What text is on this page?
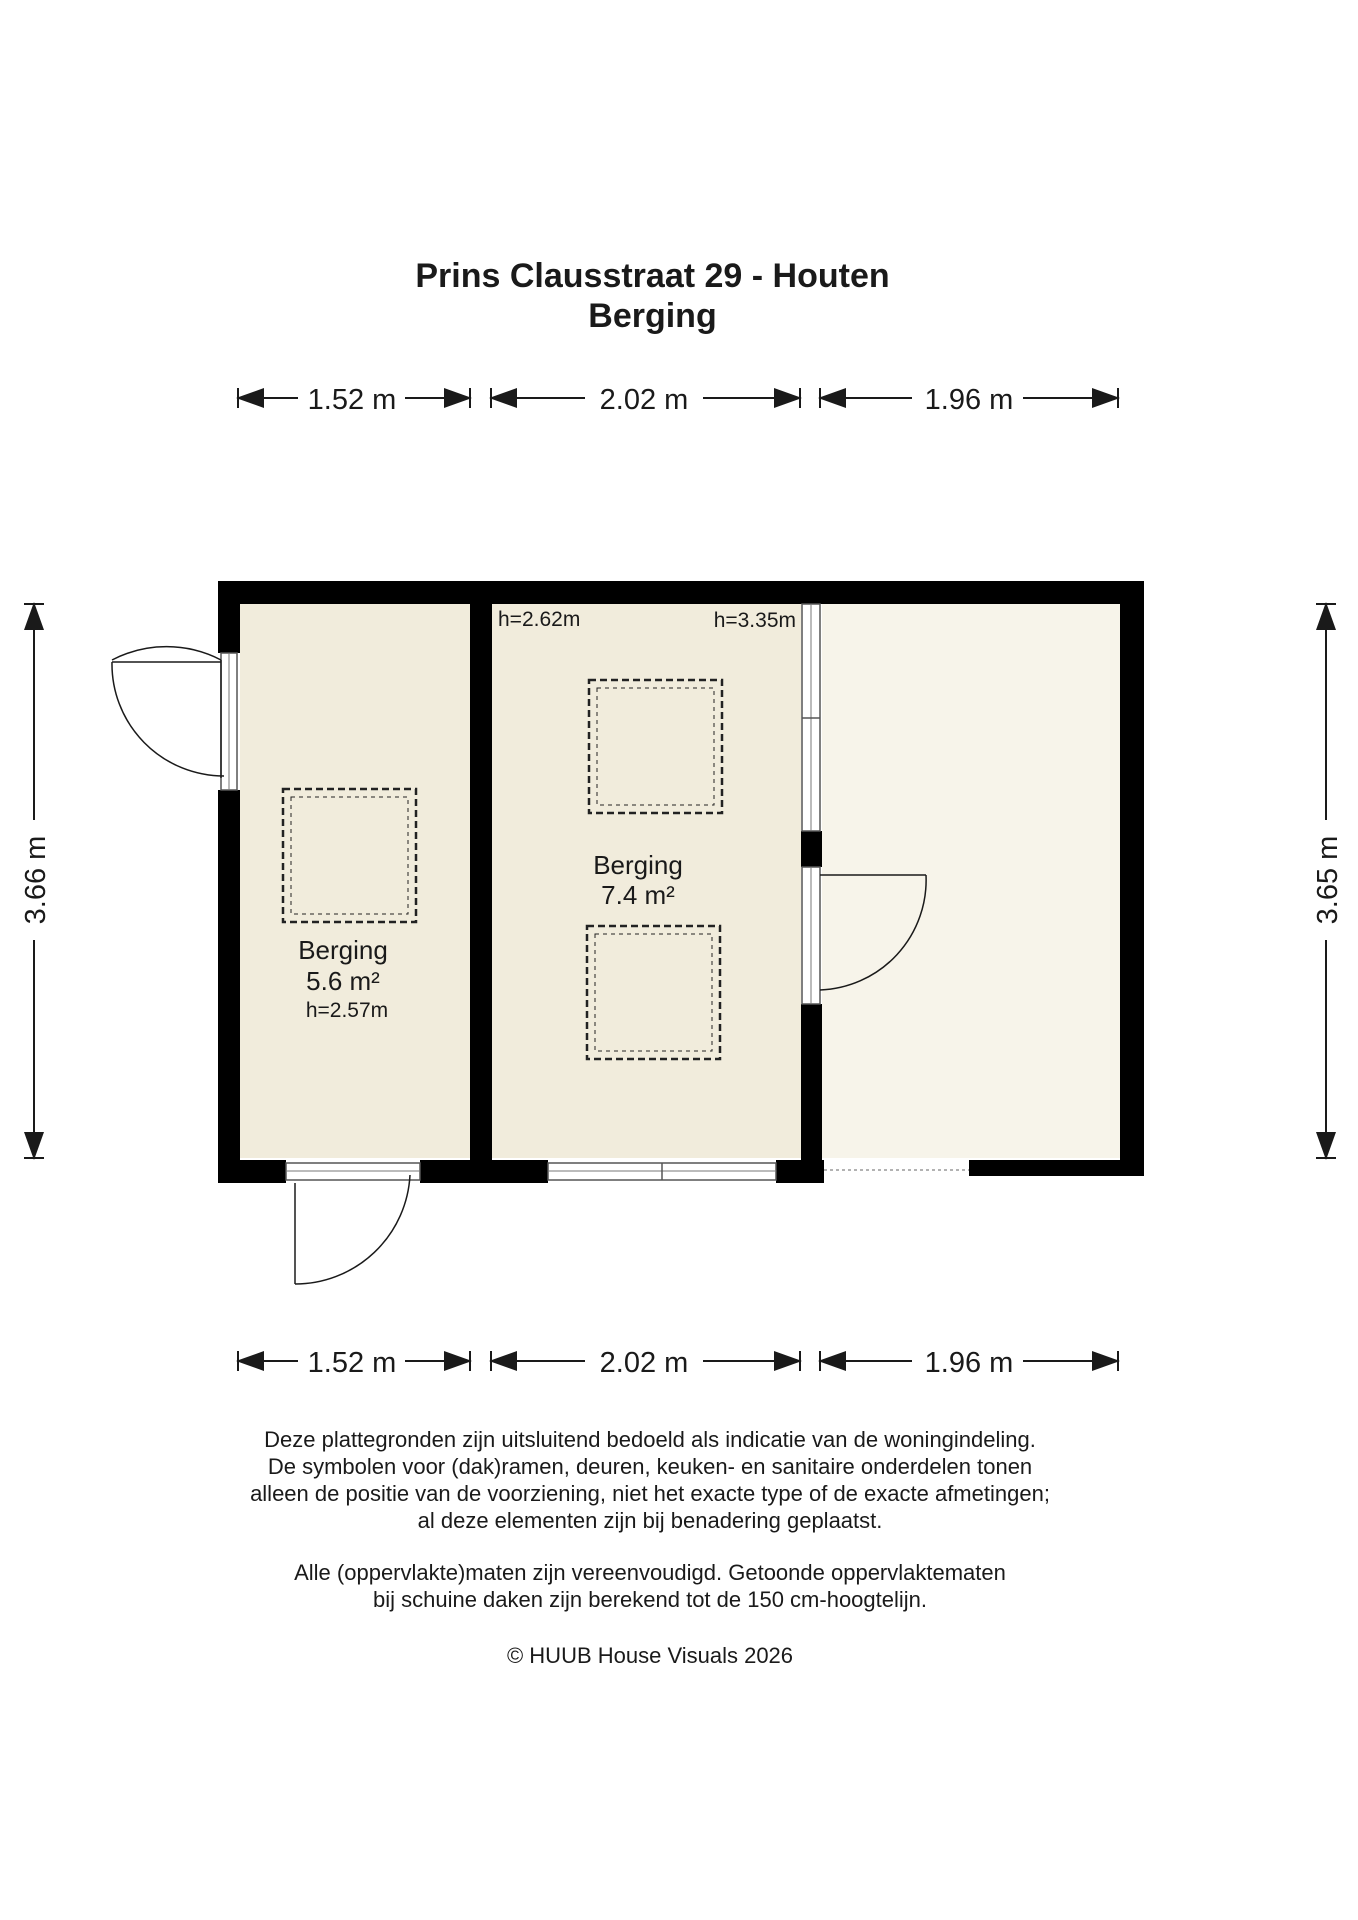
Prins Clausstraat 29 - Houten
Berging
1.52 m	2.02 m	1.96 m
1.52 m	2.02 m	1.96 m
3.66 m	3.65 m
Berging
5.6 m²
h=2.57m
Berging
7.4 m²
h=2.62m	h=3.35m
Deze plattegronden zijn uitsluitend bedoeld als indicatie van de woningindeling.
De symbolen voor (dak)ramen, deuren, keuken- en sanitaire onderdelen tonen
alleen de positie van de voorziening, niet het exacte type of de exacte afmetingen;
al deze elementen zijn bij benadering geplaatst.
Alle (oppervlakte)maten zijn vereenvoudigd. Getoonde oppervlaktematen
bij schuine daken zijn berekend tot de 150 cm-hoogtelijn.
© HUUB House Visuals 2026
